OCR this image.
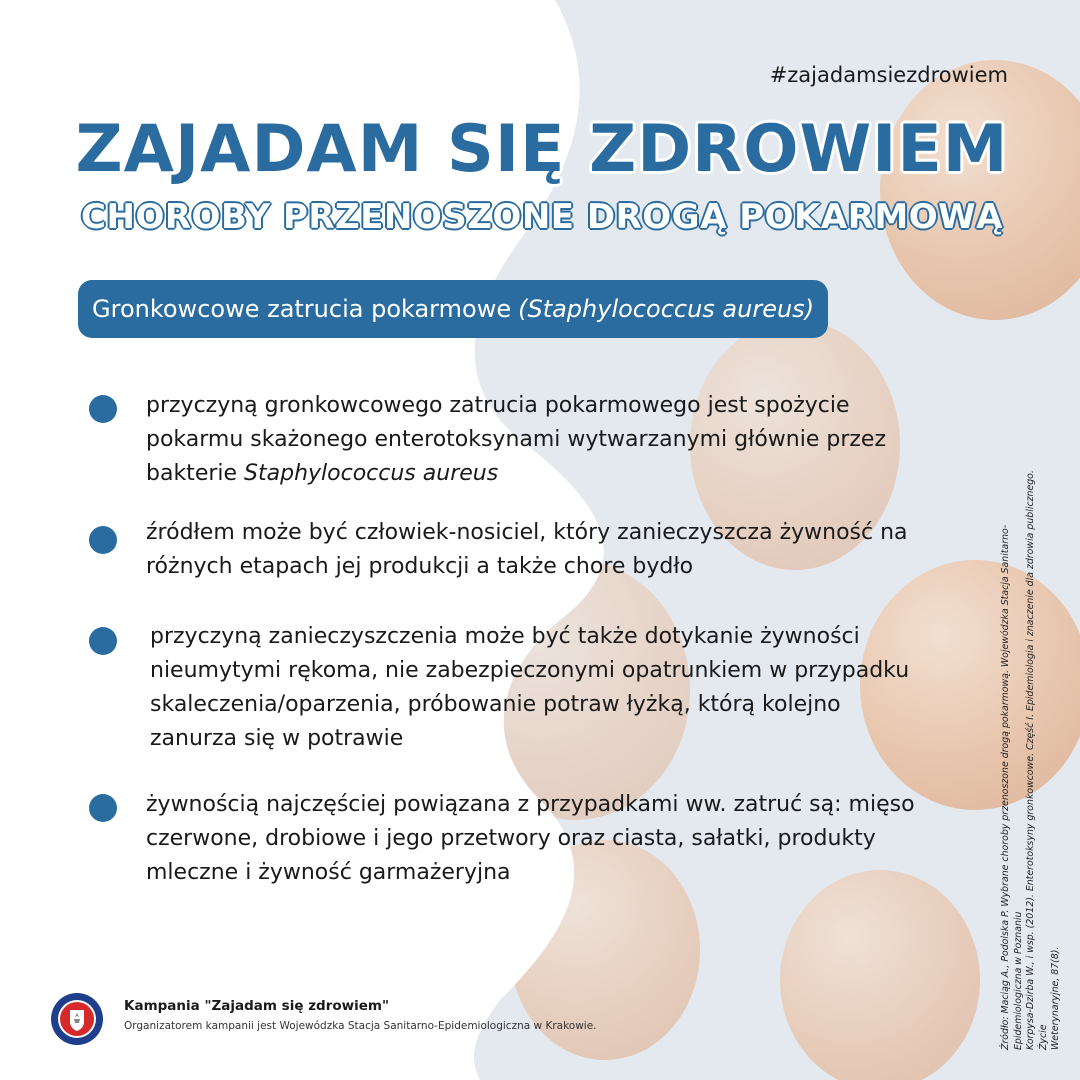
#zajadamsiezdrowiem
ZAJADAM SIĘ ZDROWIEM
CHOROBY PRZENOSZONE DROGĄ POKARMOWĄ
Gronkowcowe zatrucia pokarmowe (Staphylococcus aureus)
przyczyną gronkowcowego zatrucia pokarmowego jest spożycie
pokarmu skażonego enterotoksynami wytwarzanymi głównie przez
bakterie Staphylococcus aureus
źródłem może być człowiek-nosiciel, który zanieczyszcza żywność na
różnych etapach jej produkcji a także chore bydło
przyczyną zanieczyszczenia może być także dotykanie żywności
nieumytymi rękoma, nie zabezpieczonymi opatrunkiem w przypadku
skaleczenia/oparzenia, próbowanie potraw łyżką, którą kolejno
zanurza się w potrawie
żywnością najczęściej powiązana z przypadkami ww. zatruć są: mięso
czerwone, drobiowe i jego przetwory oraz ciasta, sałatki, produkty
mleczne i żywność garmażeryjna	Źródło: Maciąg A., Podolska P. Wybrane choroby przenoszone drogą pokarmową. Wojewódzka Stacja Sanitarno-Epidemiologiczna w Poznaniu Korpysa-Dzirba W., i wsp. (2012). Enterotoksyny gronkowcowe. Część I. Epidemiologia i znaczenie dla zdrowia publicznego. Życie Weterynaryjne, 87(8).
Kampania "Zajadam się zdrowiem"
Organizatorem kampanii jest Wojewódzka Stacja Sanitarno-Epidemiologiczna w Krakowie.
